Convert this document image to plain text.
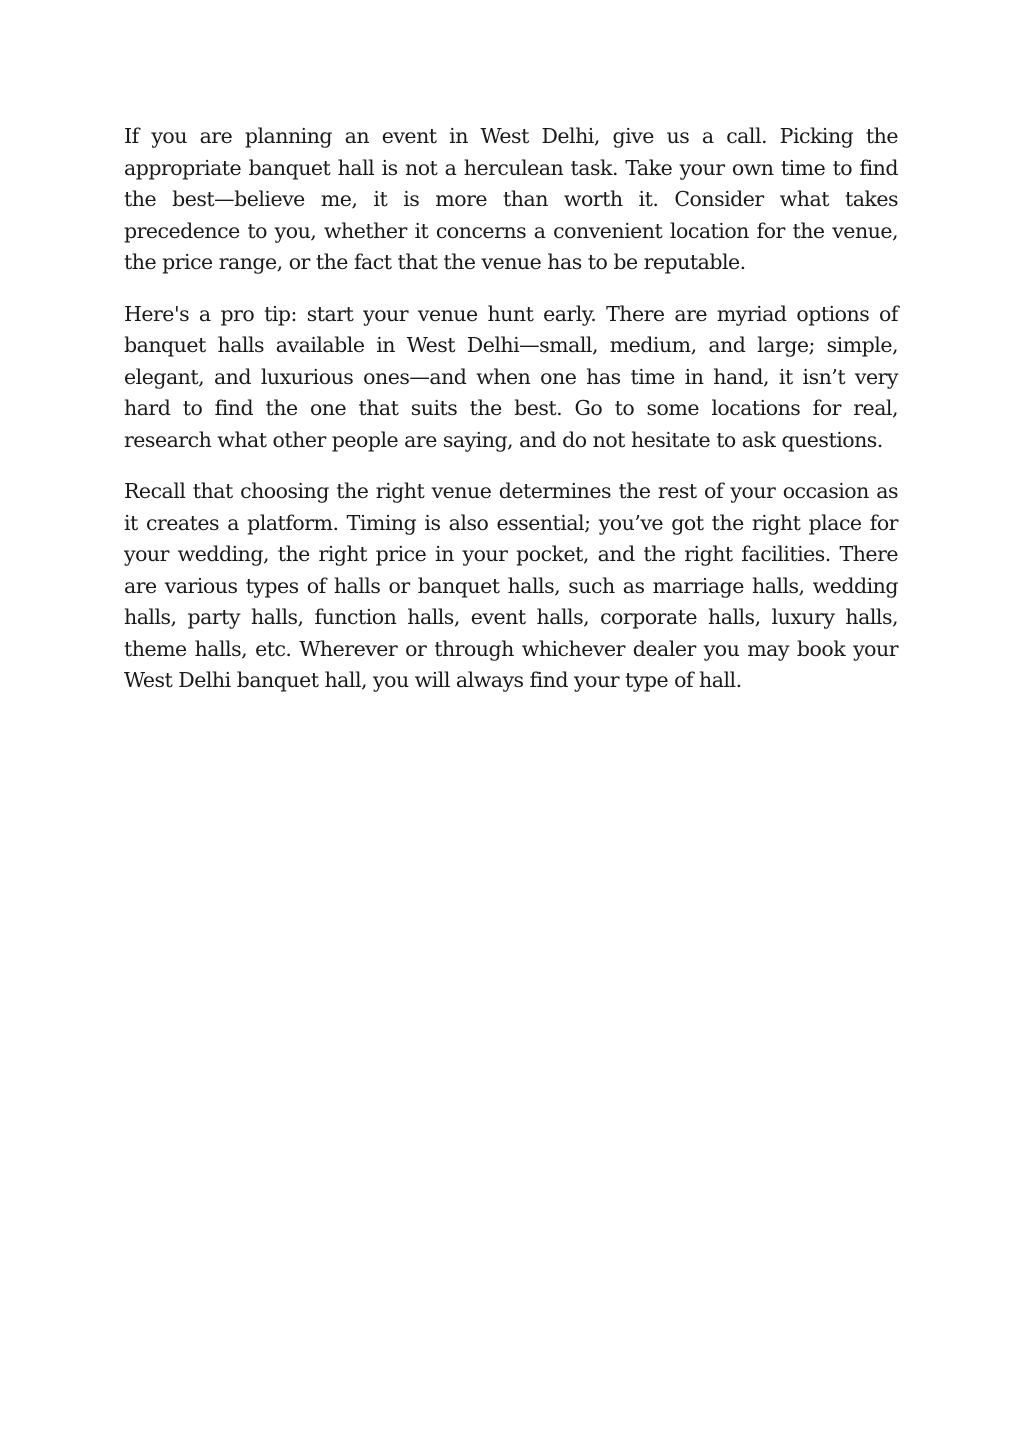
If you are planning an event in West Delhi, give us a call. Picking the appropriate banquet hall is not a herculean task. Take your own time to find the best—believe me, it is more than worth it. Consider what takes precedence to you, whether it concerns a convenient location for the venue, the price range, or the fact that the venue has to be reputable.

Here's a pro tip: start your venue hunt early. There are myriad options of banquet halls available in West Delhi—small, medium, and large; simple, elegant, and luxurious ones—and when one has time in hand, it isn’t very hard to find the one that suits the best. Go to some locations for real, research what other people are saying, and do not hesitate to ask questions.

Recall that choosing the right venue determines the rest of your occasion as it creates a platform. Timing is also essential; you’ve got the right place for your wedding, the right price in your pocket, and the right facilities. There are various types of halls or banquet halls, such as marriage halls, wedding halls, party halls, function halls, event halls, corporate halls, luxury halls, theme halls, etc. Wherever or through whichever dealer you may book your West Delhi banquet hall, you will always find your type of hall.
